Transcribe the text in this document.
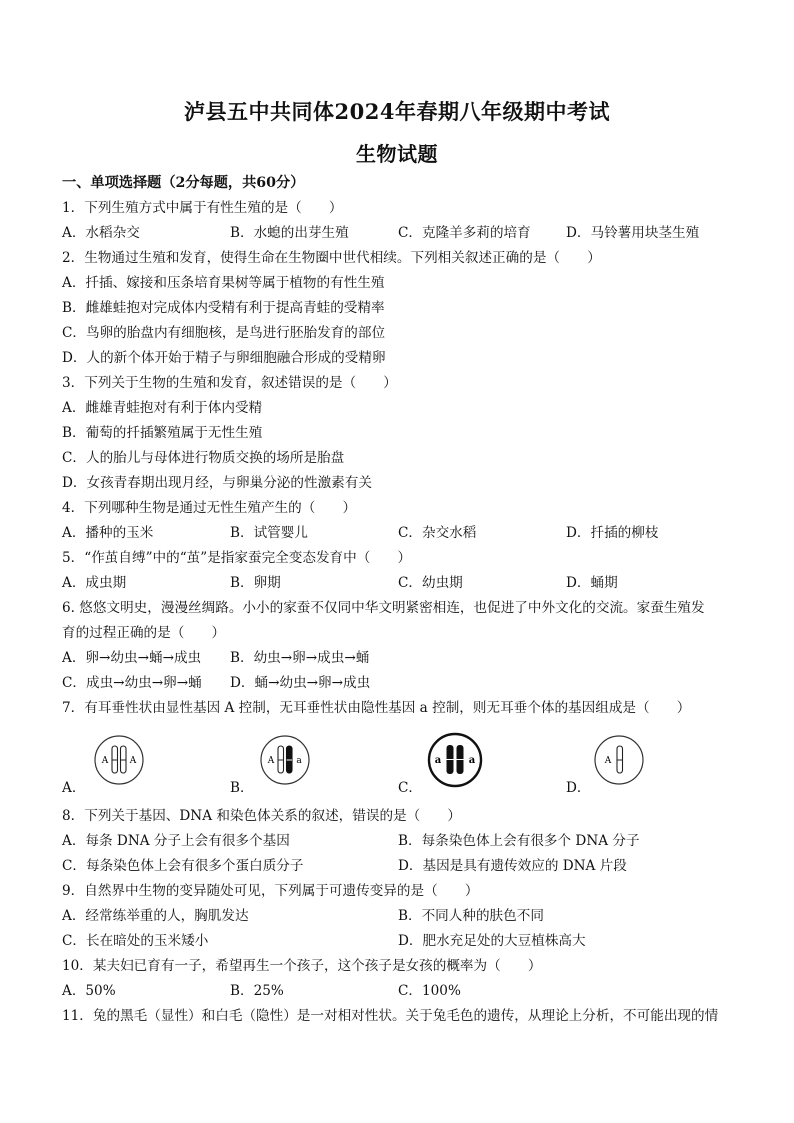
泸县五中共同体2024年春期八年级期中考试
生物试题
一、单项选择题（2分每题，共60分）
1．下列生殖方式中属于有性生殖的是（　　）
A．水稻杂交	B．水螅的出芽生殖	C．克隆羊多莉的培育	D．马铃薯用块茎生殖
2．生物通过生殖和发育，使得生命在生物圈中世代相续。下列相关叙述正确的是（　　）
A．扦插、嫁接和压条培育果树等属于植物的有性生殖
B．雌雄蛙抱对完成体内受精有利于提高青蛙的受精率
C．鸟卵的胎盘内有细胞核，是鸟进行胚胎发育的部位
D．人的新个体开始于精子与卵细胞融合形成的受精卵
3．下列关于生物的生殖和发育，叙述错误的是（　　）
A．雌雄青蛙抱对有利于体内受精
B．葡萄的扦插繁殖属于无性生殖
C．人的胎儿与母体进行物质交换的场所是胎盘
D．女孩青春期出现月经，与卵巢分泌的性激素有关
4．下列哪种生物是通过无性生殖产生的（　　）
A．播种的玉米	B．试管婴儿	C．杂交水稻	D．扦插的柳枝
5．“作茧自缚”中的“茧”是指家蚕完全变态发育中（　　）
A．成虫期	B．卵期	C．幼虫期	D．蛹期
6. 悠悠文明史，漫漫丝绸路。小小的家蚕不仅同中华文明紧密相连，也促进了中外文化的交流。家蚕生殖发
育的过程正确的是（　　）
A．卵→幼虫→蛹→成虫 B．幼虫→卵→成虫→蛹
C．成虫→幼虫→卵→蛹 D．蛹→幼虫→卵→成虫
7．有耳垂性状由显性基因 A 控制，无耳垂性状由隐性基因 a 控制，则无耳垂个体的基因组成是（　　）
A．	B．	C．	D．
A A	A a	a	a	A
8．下列关于基因、DNA 和染色体关系的叙述，错误的是（　　）
A．每条 DNA 分子上会有很多个基因	B．每条染色体上会有很多个 DNA 分子
C．每条染色体上会有很多个蛋白质分子	D．基因是具有遗传效应的 DNA 片段
9．自然界中生物的变异随处可见，下列属于可遗传变异的是（　　）
A．经常练举重的人，胸肌发达	B．不同人种的肤色不同
C．长在暗处的玉米矮小	D．肥水充足处的大豆植株高大
10．某夫妇已育有一子，希望再生一个孩子，这个孩子是女孩的概率为（　　）
A．50%	B．25%	C．100%
11．兔的黑毛（显性）和白毛（隐性）是一对相对性状。关于兔毛色的遗传，从理论上分析，不可能出现的情
